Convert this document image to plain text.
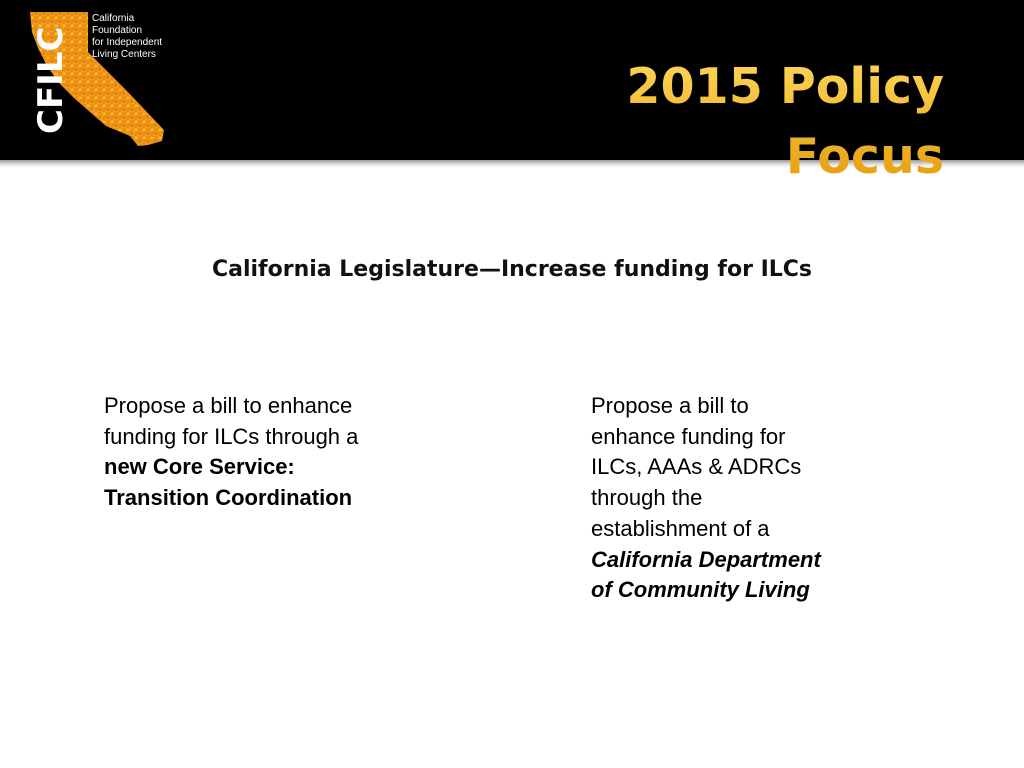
CFILC
California
Foundation
for Independent
Living Centers
2015 Policy Focus
California Legislature—Increase funding for ILCs
Propose a bill to enhance funding for ILCs through a new Core Service: Transition Coordination
Propose a bill to enhance funding for ILCs, AAAs & ADRCs through the establishment of a California Department of Community Living
